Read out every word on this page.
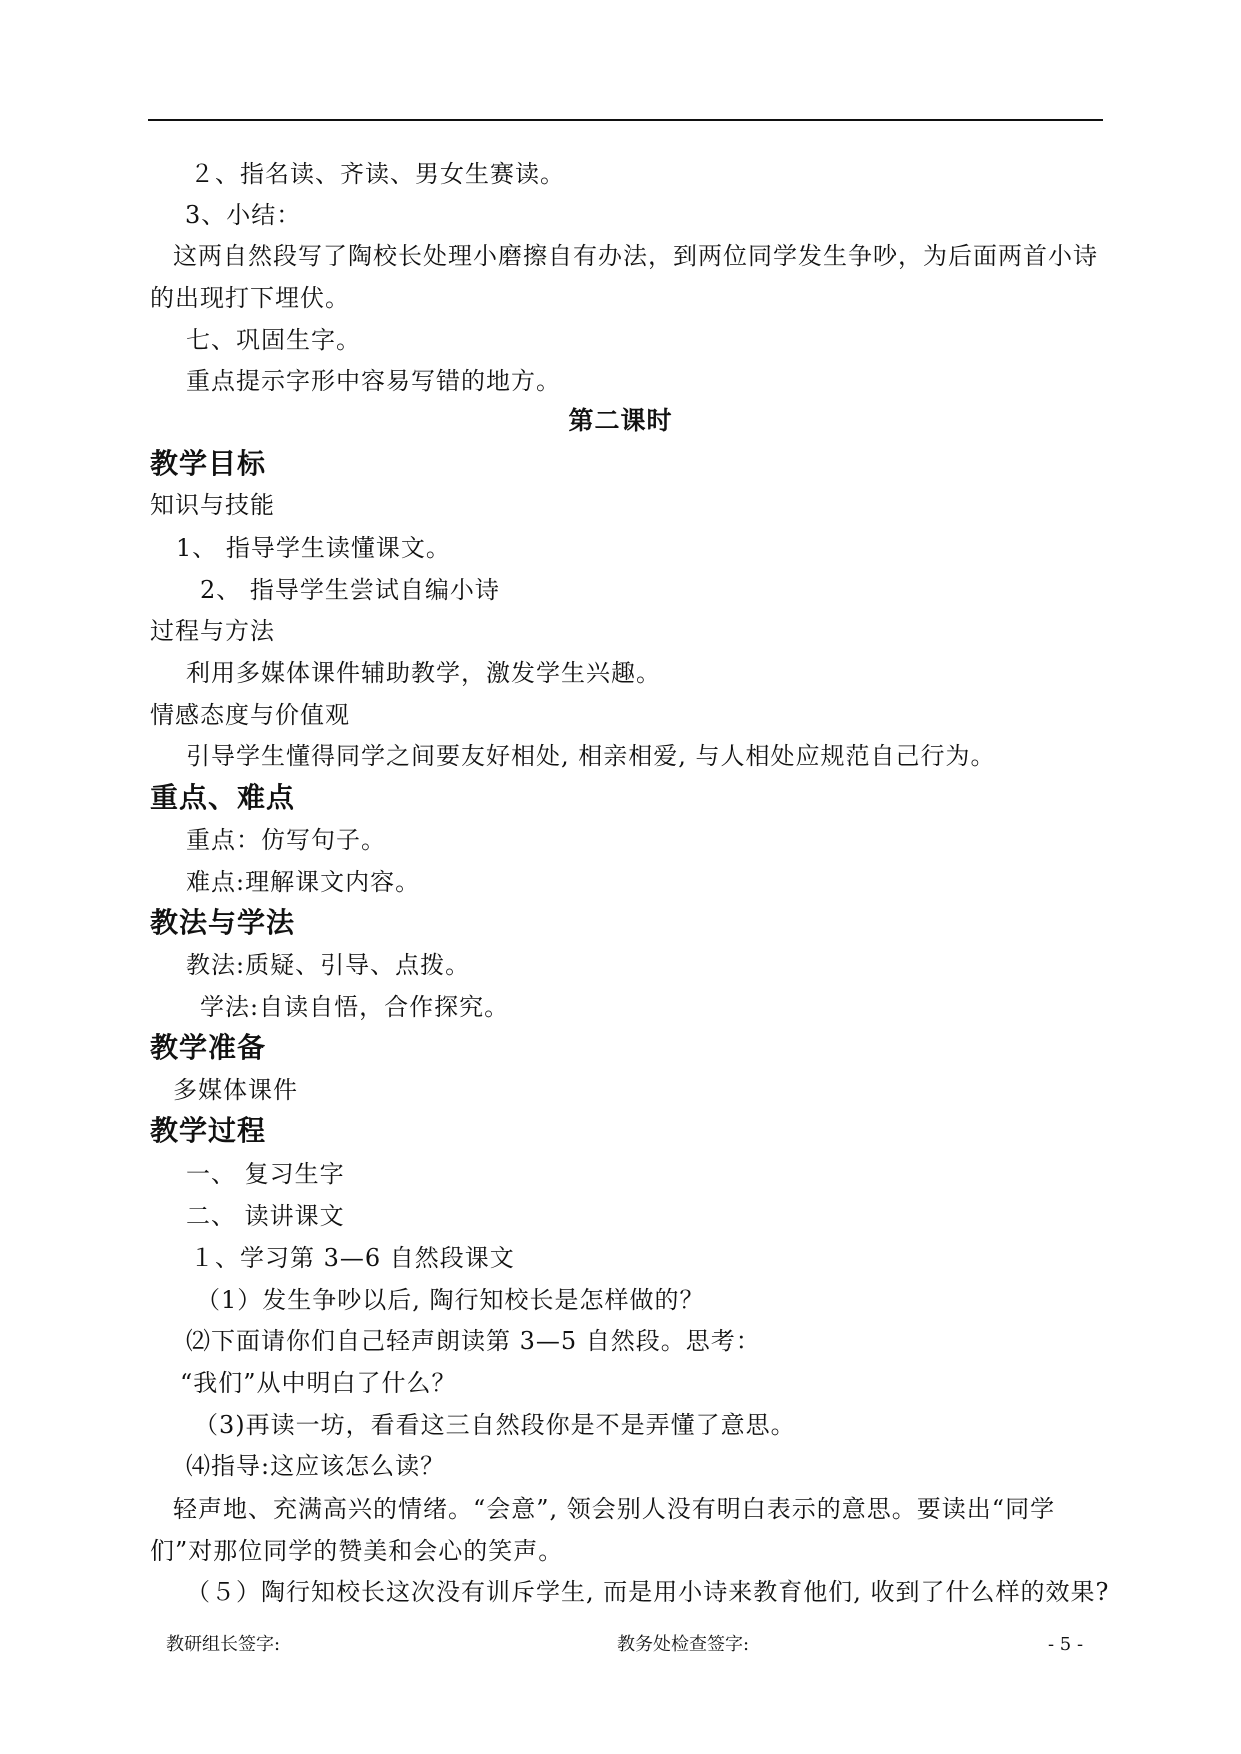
２、指名读、齐读、男女生赛读。
3、小结：
这两自然段写了陶校长处理小磨擦自有办法，到两位同学发生争吵，为后面两首小诗
的出现打下埋伏。
七、巩固生字。
重点提示字形中容易写错的地方。
第二课时
教学目标
知识与技能
1、 指导学生读懂课文。
2、 指导学生尝试自编小诗
过程与方法
利用多媒体课件辅助教学，激发学生兴趣。
情感态度与价值观
引导学生懂得同学之间要友好相处, 相亲相爱, 与人相处应规范自己行为。
重点、难点
重点：仿写句子。
难点:理解课文内容。
教法与学法
教法:质疑、引导、点拨。
学法:自读自悟，合作探究。
教学准备
多媒体课件
教学过程
一、 复习生字
二、 读讲课文
１、学习第 3—6 自然段课文
（1）发生争吵以后, 陶行知校长是怎样做的？
⑵下面请你们自己轻声朗读第 3—5 自然段。思考：
“我们”从中明白了什么？
（3)再读一坊，看看这三自然段你是不是弄懂了意思。
⑷指导:这应该怎么读？
轻声地、充满高兴的情绪。“会意”, 领会别人没有明白表示的意思。要读出“同学
们”对那位同学的赞美和会心的笑声。
（５）陶行知校长这次没有训斥学生, 而是用小诗来教育他们, 收到了什么样的效果?
教研组长签字:	教务处检查签字:	- 5 -
